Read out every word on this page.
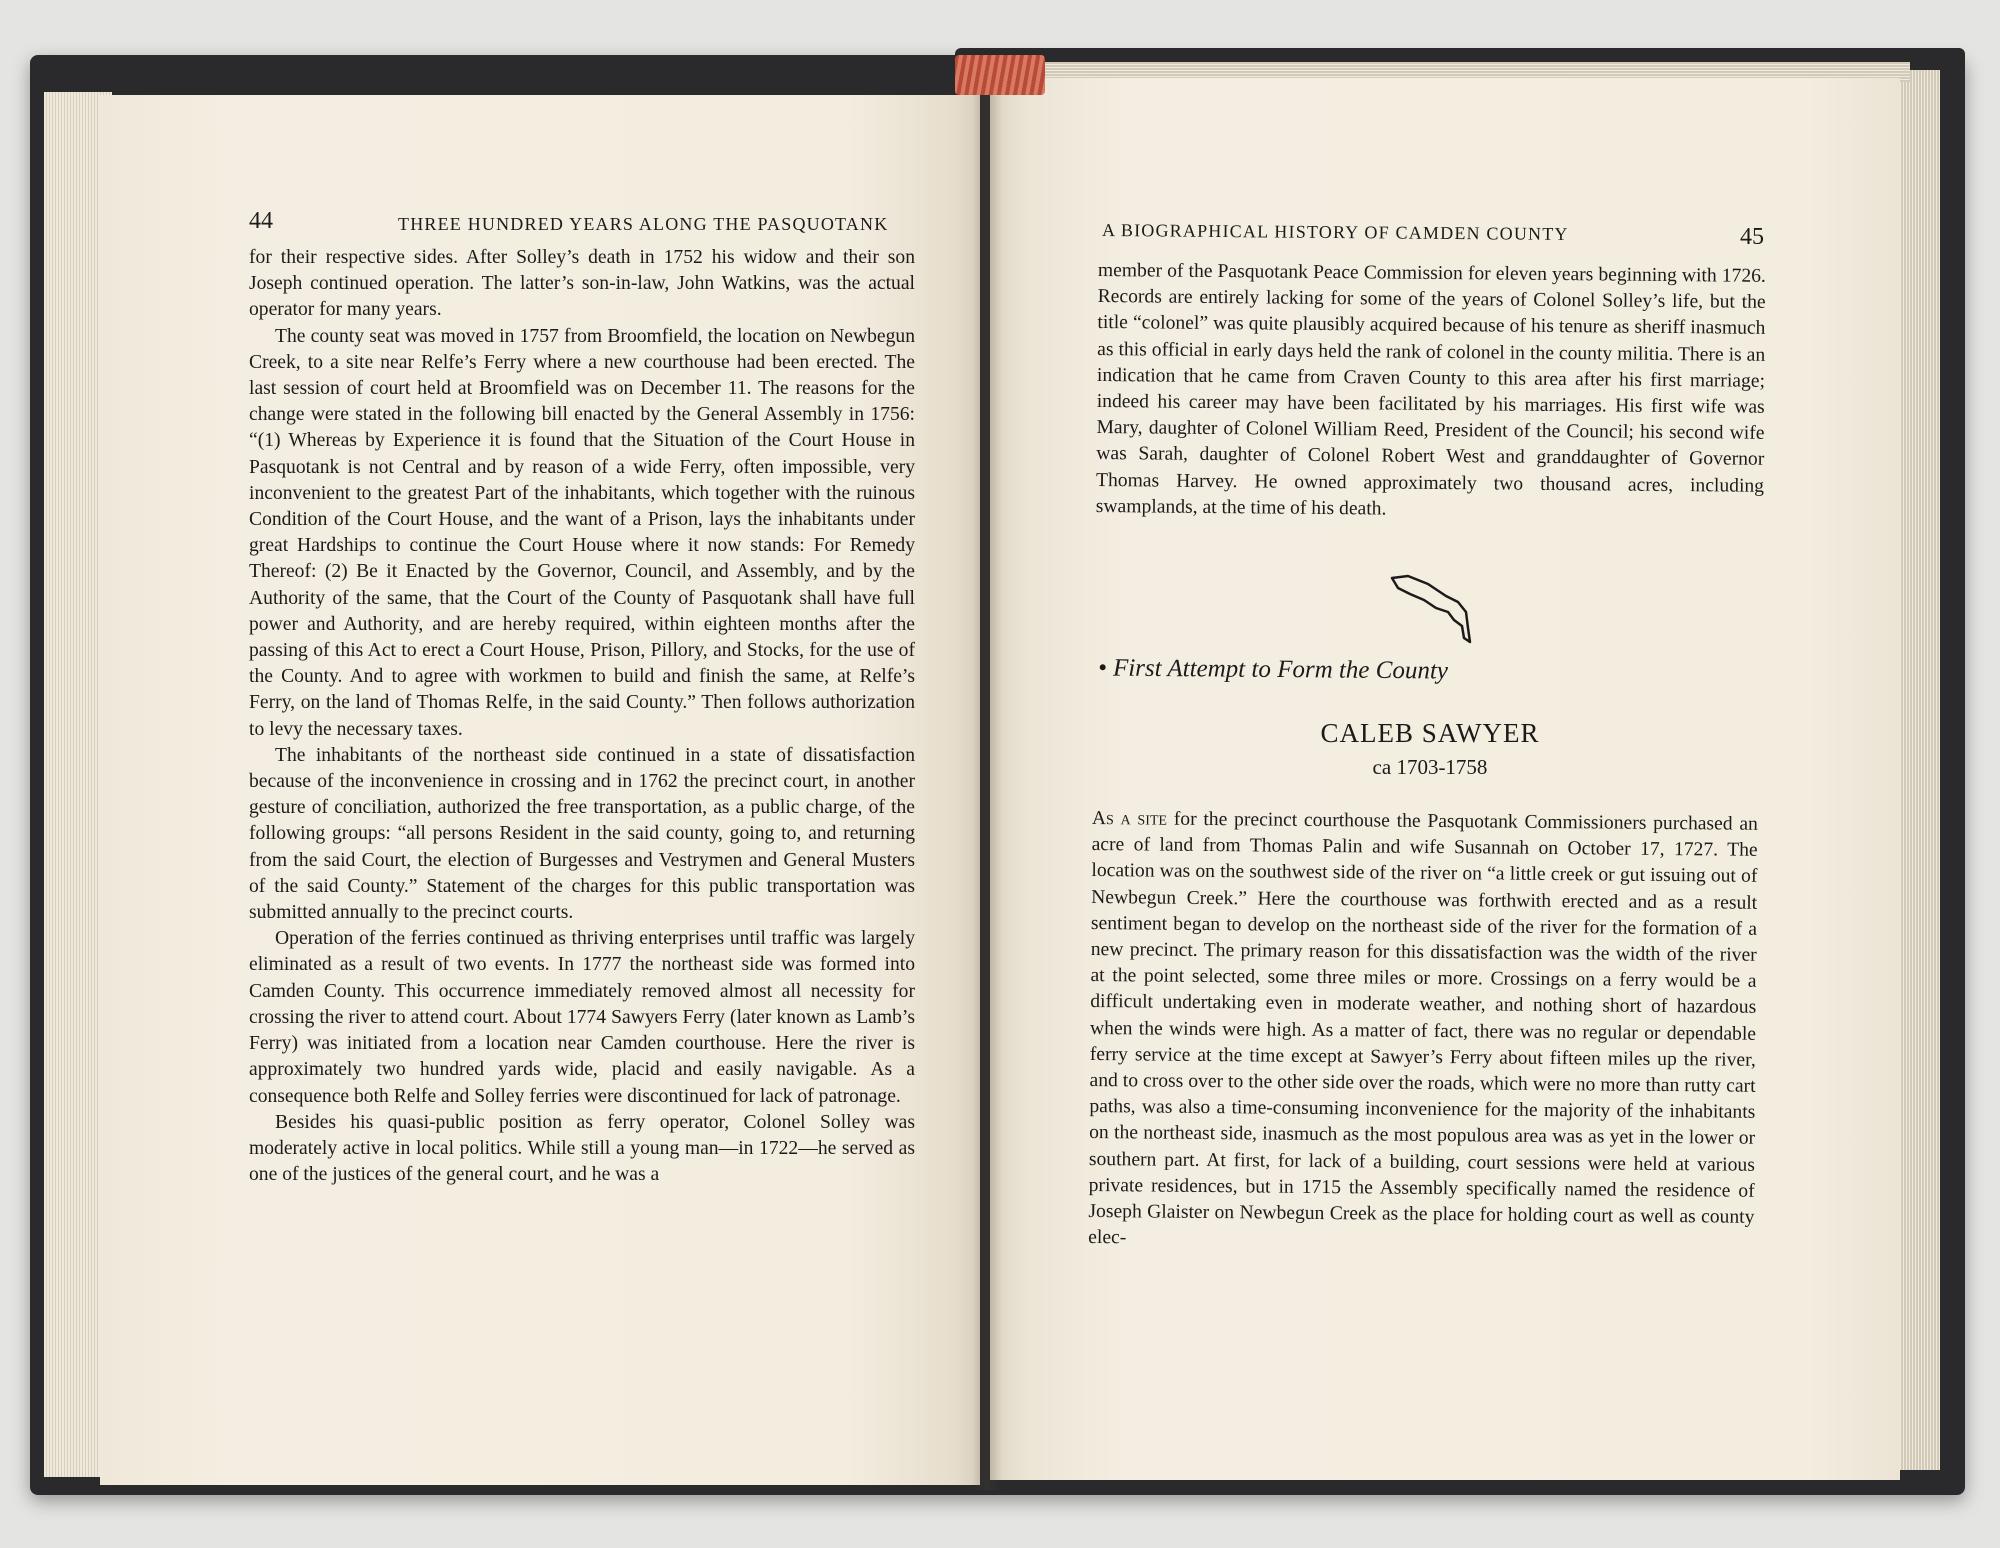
44	THREE HUNDRED YEARS ALONG THE PASQUOTANK

for their respective sides. After Solley’s death in 1752 his widow and their son Joseph continued operation. The latter’s son-in-law, John Watkins, was the actual operator for many years.

The county seat was moved in 1757 from Broomfield, the location on Newbegun Creek, to a site near Relfe’s Ferry where a new courthouse had been erected. The last session of court held at Broomfield was on December 11. The reasons for the change were stated in the following bill enacted by the General Assembly in 1756: “(1) Whereas by Experience it is found that the Situation of the Court House in Pasquotank is not Central and by reason of a wide Ferry, often impossible, very inconvenient to the greatest Part of the inhabitants, which together with the ruinous Condition of the Court House, and the want of a Prison, lays the inhabitants under great Hardships to continue the Court House where it now stands: For Remedy Thereof: (2) Be it Enacted by the Governor, Council, and Assembly, and by the Authority of the same, that the Court of the County of Pasquotank shall have full power and Authority, and are hereby required, within eighteen months after the passing of this Act to erect a Court House, Prison, Pillory, and Stocks, for the use of the County. And to agree with workmen to build and finish the same, at Relfe’s Ferry, on the land of Thomas Relfe, in the said County.” Then follows authorization to levy the necessary taxes.

The inhabitants of the northeast side continued in a state of dissatisfaction because of the inconvenience in crossing and in 1762 the precinct court, in another gesture of conciliation, authorized the free transportation, as a public charge, of the following groups: “all persons Resident in the said county, going to, and returning from the said Court, the election of Burgesses and Vestrymen and General Musters of the said County.” Statement of the charges for this public transportation was submitted annually to the precinct courts.

Operation of the ferries continued as thriving enterprises until traffic was largely eliminated as a result of two events. In 1777 the northeast side was formed into Camden County. This occurrence immediately removed almost all necessity for crossing the river to attend court. About 1774 Sawyers Ferry (later known as Lamb’s Ferry) was initiated from a location near Camden courthouse. Here the river is approximately two hundred yards wide, placid and easily navigable. As a consequence both Relfe and Solley ferries were discontinued for lack of patronage.

Besides his quasi-public position as ferry operator, Colonel Solley was moderately active in local politics. While still a young man—in 1722—he served as one of the justices of the general court, and he was a

A BIOGRAPHICAL HISTORY OF CAMDEN COUNTY	45

member of the Pasquotank Peace Commission for eleven years beginning with 1726. Records are entirely lacking for some of the years of Colonel Solley’s life, but the title “colonel” was quite plausibly acquired because of his tenure as sheriff inasmuch as this official in early days held the rank of colonel in the county militia. There is an indication that he came from Craven County to this area after his first marriage; indeed his career may have been facilitated by his marriages. His first wife was Mary, daughter of Colonel William Reed, President of the Council; his second wife was Sarah, daughter of Colonel Robert West and granddaughter of Governor Thomas Harvey. He owned approximately two thousand acres, including swamplands, at the time of his death.

• First Attempt to Form the County
CALEB SAWYER
ca 1703-1758

As a site for the precinct courthouse the Pasquotank Commissioners purchased an acre of land from Thomas Palin and wife Susannah on October 17, 1727. The location was on the southwest side of the river on “a little creek or gut issuing out of Newbegun Creek.” Here the courthouse was forthwith erected and as a result sentiment began to develop on the northeast side of the river for the formation of a new precinct. The primary reason for this dissatisfaction was the width of the river at the point selected, some three miles or more. Crossings on a ferry would be a difficult undertaking even in moderate weather, and nothing short of hazardous when the winds were high. As a matter of fact, there was no regular or dependable ferry service at the time except at Sawyer’s Ferry about fifteen miles up the river, and to cross over to the other side over the roads, which were no more than rutty cart paths, was also a time-consuming inconvenience for the majority of the inhabitants on the northeast side, inasmuch as the most populous area was as yet in the lower or southern part. At first, for lack of a building, court sessions were held at various private residences, but in 1715 the Assembly specifically named the residence of Joseph Glaister on Newbegun Creek as the place for holding court as well as county elec-
